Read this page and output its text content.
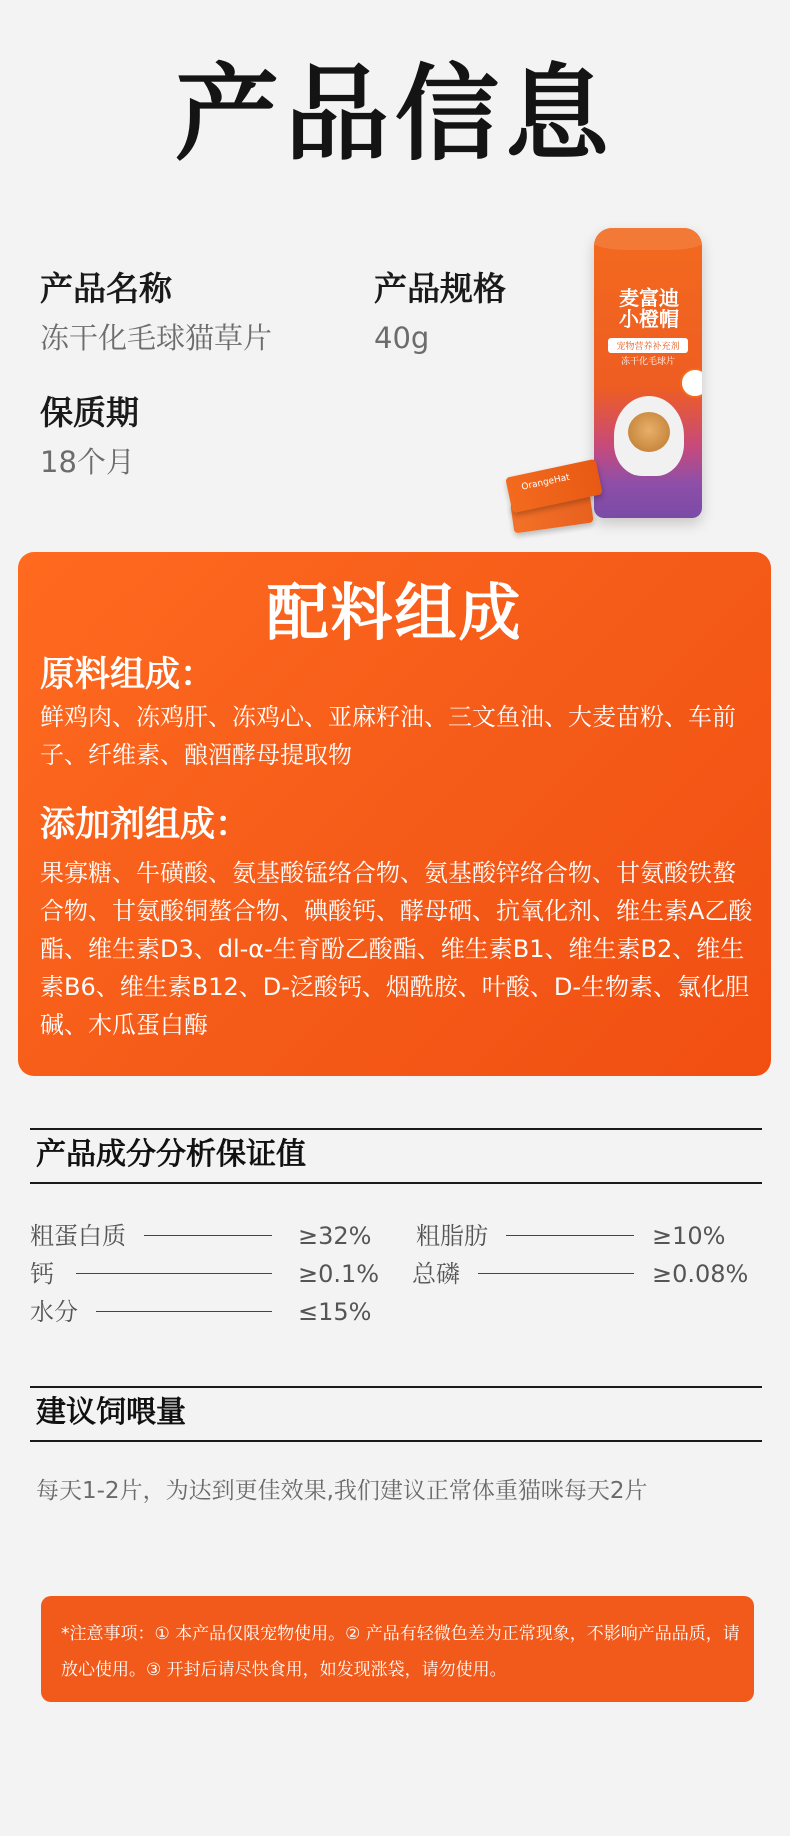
产品信息
产品名称
冻干化毛球猫草片
产品规格
40g
保质期
18个月
麦富迪
小橙帽
宠物营养补充剂
冻干化毛球片
OrangeHat
配料组成
原料组成：
鲜鸡肉、冻鸡肝、冻鸡心、亚麻籽油、三文鱼油、大麦苗粉、车前子、纤维素、酿酒酵母提取物
添加剂组成：
果寡糖、牛磺酸、氨基酸锰络合物、氨基酸锌络合物、甘氨酸铁螯合物、甘氨酸铜螯合物、碘酸钙、酵母硒、抗氧化剂、维生素A乙酸酯、维生素D3、dl-α-生育酚乙酸酯、维生素B1、维生素B2、维生素B6、维生素B12、D-泛酸钙、烟酰胺、叶酸、D-生物素、氯化胆碱、木瓜蛋白酶
产品成分分析保证值
粗蛋白质	≥32% 粗脂肪	≥10%
钙	≥0.1% 总磷	≥0.08%
水分	≤15%
建议饲喂量
每天1-2片，为达到更佳效果,我们建议正常体重猫咪每天2片
*注意事项：① 本产品仅限宠物使用。② 产品有轻微色差为正常现象，不影响产品品质，请放心使用。③ 开封后请尽快食用，如发现涨袋，请勿使用。
